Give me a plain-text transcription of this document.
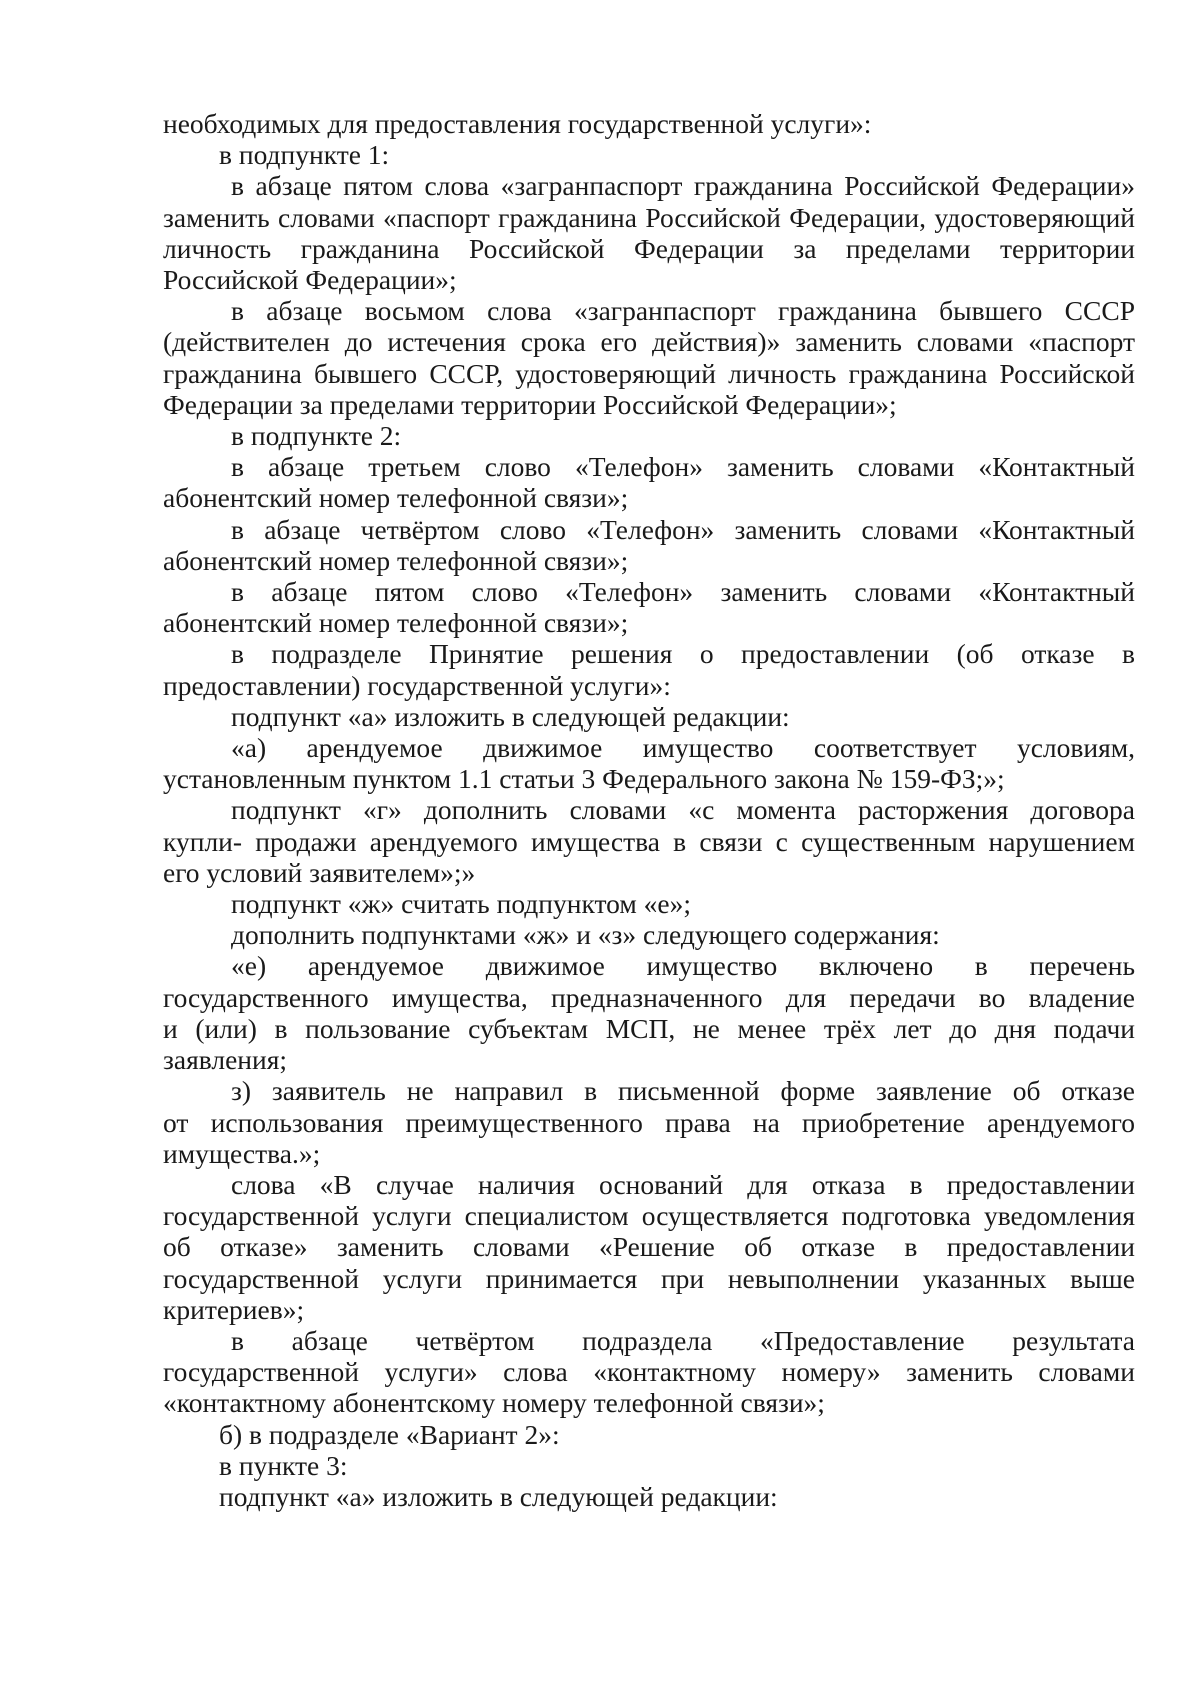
необходимых для предоставления государственной услуги»:
в подпункте 1:
в абзаце пятом слова «загранпаспорт гражданина Российской Федерации»
заменить словами «паспорт гражданина Российской Федерации, удостоверяющий
личность гражданина Российской Федерации за пределами территории
Российской Федерации»;
в абзаце восьмом слова «загранпаспорт гражданина бывшего СССР
(действителен до истечения срока его действия)» заменить словами «паспорт
гражданина бывшего СССР, удостоверяющий личность гражданина Российской
Федерации за пределами территории Российской Федерации»;
в подпункте 2:
в абзаце третьем слово «Телефон» заменить словами «Контактный
абонентский номер телефонной связи»;
в абзаце четвёртом слово «Телефон» заменить словами «Контактный
абонентский номер телефонной связи»;
в абзаце пятом слово «Телефон» заменить словами «Контактный
абонентский номер телефонной связи»;
в подразделе Принятие решения о предоставлении (об отказе в
предоставлении) государственной услуги»:
подпункт «а» изложить в следующей редакции:
«а) арендуемое движимое имущество соответствует условиям,
установленным пунктом 1.1 статьи 3 Федерального закона № 159-ФЗ;»;
подпункт «г» дополнить словами «с момента расторжения договора
купли- продажи арендуемого имущества в связи с существенным нарушением
его условий заявителем»;»
подпункт «ж» считать подпунктом «е»;
дополнить подпунктами «ж» и «з» следующего содержания:
«е) арендуемое движимое имущество включено в перечень
государственного имущества, предназначенного для передачи во владение
и (или) в пользование субъектам МСП, не менее трёх лет до дня подачи
заявления;
з) заявитель не направил в письменной форме заявление об отказе
от использования преимущественного права на приобретение арендуемого
имущества.»;
слова «В случае наличия оснований для отказа в предоставлении
государственной услуги специалистом осуществляется подготовка уведомления
об отказе» заменить словами «Решение об отказе в предоставлении
государственной услуги принимается при невыполнении указанных выше
критериев»;
в абзаце четвёртом подраздела «Предоставление результата
государственной услуги» слова «контактному номеру» заменить словами
«контактному абонентскому номеру телефонной связи»;
б) в подразделе «Вариант 2»:
в пункте 3:
подпункт «а» изложить в следующей редакции:
